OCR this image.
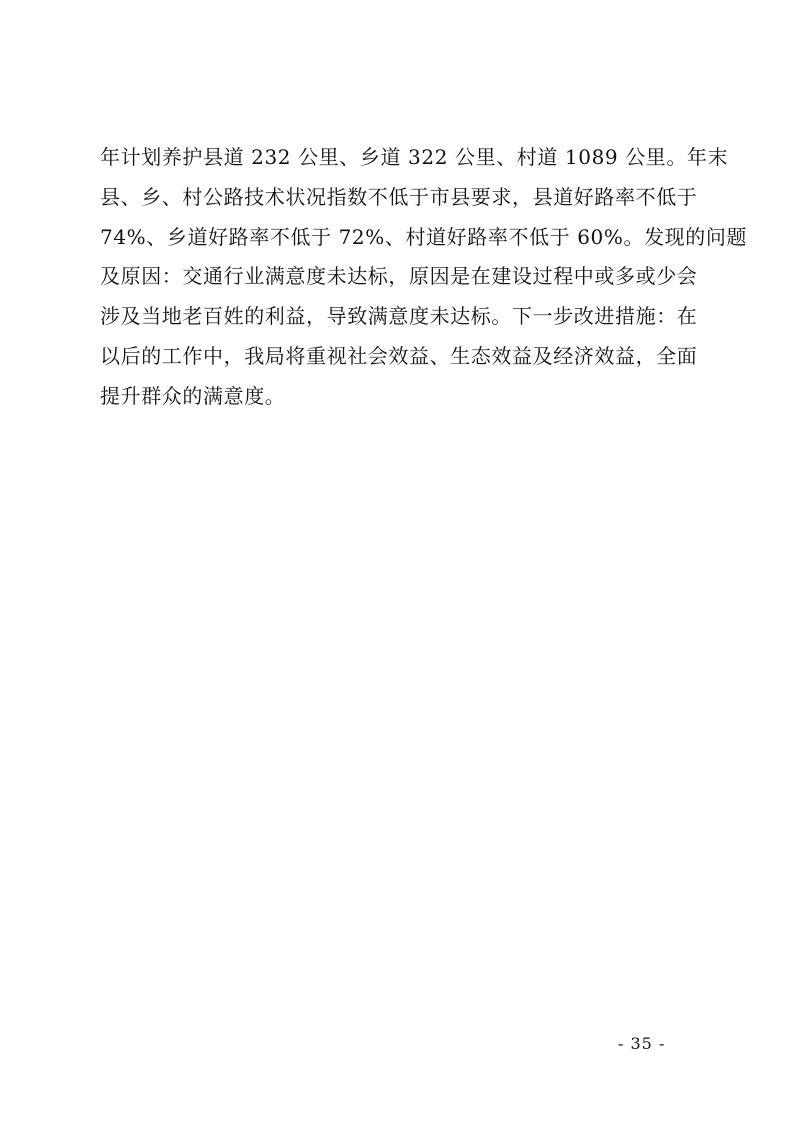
年计划养护县道 232 公里、乡道 322 公里、村道 1089 公里。年末
县、乡、村公路技术状况指数不低于市县要求，县道好路率不低于
74%、乡道好路率不低于 72%、村道好路率不低于 60%。发现的问题
及原因：交通行业满意度未达标，原因是在建设过程中或多或少会
涉及当地老百姓的利益，导致满意度未达标。下一步改进措施：在
以后的工作中，我局将重视社会效益、生态效益及经济效益，全面
提升群众的满意度。
- 35 -
